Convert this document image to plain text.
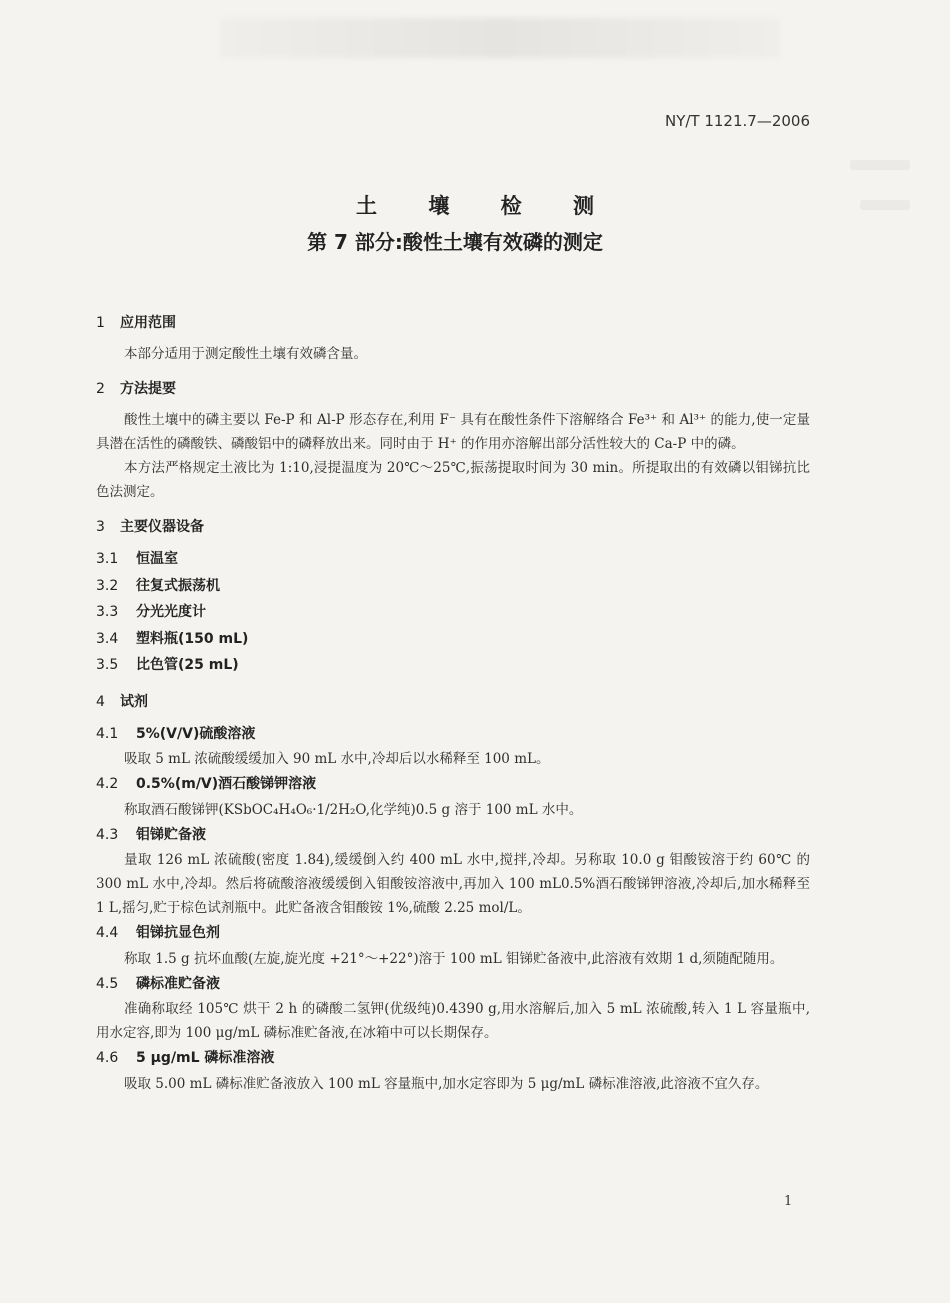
NY/T 1121.7—2006
土 壤 检 测
第 7 部分:酸性土壤有效磷的测定
1 应用范围

本部分适用于测定酸性土壤有效磷含量。

2 方法提要

酸性土壤中的磷主要以 Fe-P 和 Al-P 形态存在,利用 F⁻ 具有在酸性条件下溶解络合 Fe³⁺ 和 Al³⁺ 的能力,使一定量具潜在活性的磷酸铁、磷酸铝中的磷释放出来。同时由于 H⁺ 的作用亦溶解出部分活性较大的 Ca-P 中的磷。

本方法严格规定土液比为 1:10,浸提温度为 20℃～25℃,振荡提取时间为 30 min。所提取出的有效磷以钼锑抗比色法测定。

3 主要仪器设备
3.1 恒温室
3.2 往复式振荡机
3.3 分光光度计
3.4 塑料瓶(150 mL)
3.5 比色管(25 mL)
4 试剂
4.1 5%(V/V)硫酸溶液

吸取 5 mL 浓硫酸缓缓加入 90 mL 水中,冷却后以水稀释至 100 mL。

4.2 0.5%(m/V)酒石酸锑钾溶液

称取酒石酸锑钾(KSbOC₄H₄O₆·1/2H₂O,化学纯)0.5 g 溶于 100 mL 水中。

4.3 钼锑贮备液

量取 126 mL 浓硫酸(密度 1.84),缓缓倒入约 400 mL 水中,搅拌,冷却。另称取 10.0 g 钼酸铵溶于约 60℃ 的 300 mL 水中,冷却。然后将硫酸溶液缓缓倒入钼酸铵溶液中,再加入 100 mL0.5%酒石酸锑钾溶液,冷却后,加水稀释至 1 L,摇匀,贮于棕色试剂瓶中。此贮备液含钼酸铵 1%,硫酸 2.25 mol/L。

4.4 钼锑抗显色剂

称取 1.5 g 抗坏血酸(左旋,旋光度 +21°～+22°)溶于 100 mL 钼锑贮备液中,此溶液有效期 1 d,须随配随用。

4.5 磷标准贮备液

准确称取经 105℃ 烘干 2 h 的磷酸二氢钾(优级纯)0.4390 g,用水溶解后,加入 5 mL 浓硫酸,转入 1 L 容量瓶中,用水定容,即为 100 μg/mL 磷标准贮备液,在冰箱中可以长期保存。

4.6 5 μg/mL 磷标准溶液

吸取 5.00 mL 磷标准贮备液放入 100 mL 容量瓶中,加水定容即为 5 μg/mL 磷标准溶液,此溶液不宜久存。

1
